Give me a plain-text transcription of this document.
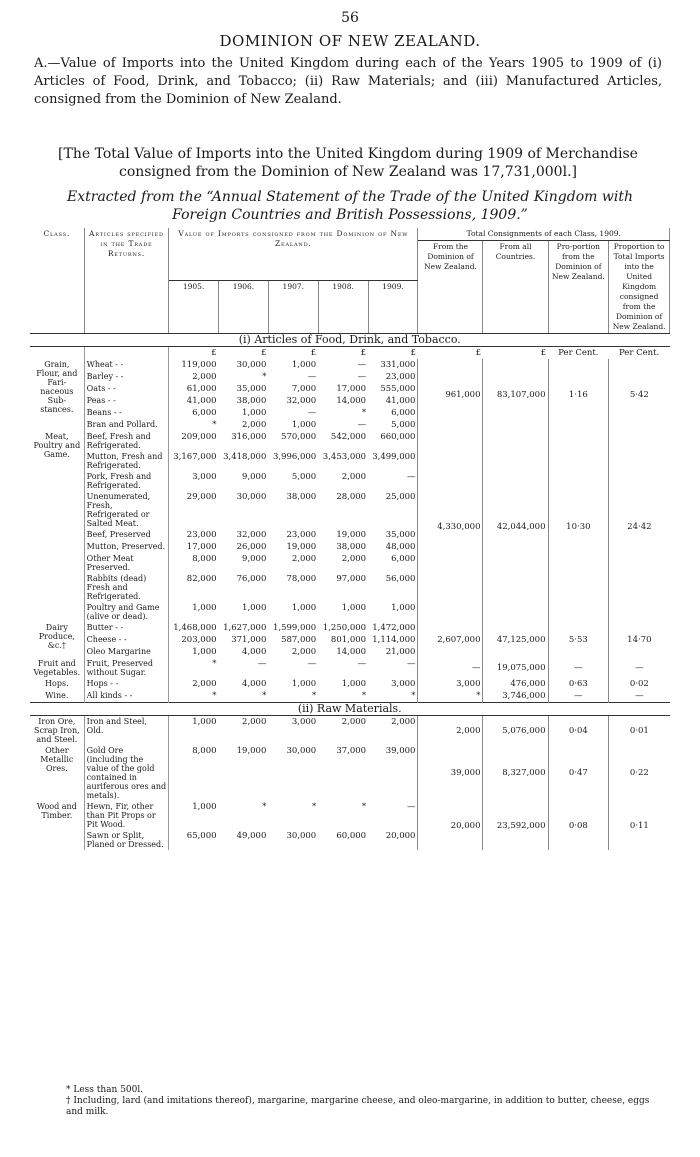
56
DOMINION OF NEW ZEALAND.
A.—Value of Imports into the United Kingdom during each of the Years 1905 to 1909 of (i) Articles of Food, Drink, and Tobacco; (ii) Raw Materials; and (iii) Manufactured Articles, consigned from the Dominion of New Zealand.
[The Total Value of Imports into the United Kingdom during 1909 of Merchandise consigned from the Dominion of New Zealand was 17,731,000l.]
Extracted from the “Annual Statement of the Trade of the United Kingdom with Foreign Countries and British Possessions, 1909.”
Class.	Articles specified in the Trade Returns.	Value of Imports consigned from the Dominion of New Zealand.					Total Consignments of each Class, 1909.			
							From the Dominion of New Zealand.	From all Countries.	Pro-portion from the Dominion of New Zealand.	Proportion to Total Imports into the United Kingdom consigned from the Dominion of New Zealand.
		1905.	1906.	1907.	1908.	1909.				
(i) Articles of Food, Drink, and Tobacco.										
		£	£	£	£	£	£	£	Per Cent.	Per Cent.
Grain, Flour, and Fari-naceous Sub-stances.	Wheat - -	119,000	30,000	1,000	—	331,000	961,000	83,107,000	1·16	5·42
	Barley - -	2,000	*	—	—	23,000				
	Oats - -	61,000	35,000	7,000	17,000	555,000				
	Peas - -	41,000	38,000	32,000	14,000	41,000				
	Beans - -	6,000	1,000	—	*	6,000				
	Bran and Pollard.	*	2,000	1,000	—	5,000				
Meat, Poultry and Game.	Beef, Fresh and Refrigerated.	209,000	316,000	570,000	542,000	660,000	4,330,000	42,044,000	10·30	24·42
	Mutton, Fresh and Refrigerated.	3,167,000	3,418,000	3,996,000	3,453,000	3,499,000				
	Pork, Fresh and Refrigerated.	3,000	9,000	5,000	2,000	—				
	Unenumerated, Fresh, Refrigerated or Salted Meat.	29,000	30,000	38,000	28,000	25,000				
	Beef, Preserved	23,000	32,000	23,000	19,000	35,000				
	Mutton, Preserved.	17,000	26,000	19,000	38,000	48,000				
	Other Meat Preserved.	8,000	9,000	2,000	2,000	6,000				
	Rabbits (dead) Fresh and Refrigerated.	82,000	76,000	78,000	97,000	56,000				
	Poultry and Game (alive or dead).	1,000	1,000	1,000	1,000	1,000				
Dairy Produce, &c.†	Butter - -	1,468,000	1,627,000	1,599,000	1,250,000	1,472,000	2,607,000	47,125,000	5·53	14·70
	Cheese - -	203,000	371,000	587,000	801,000	1,114,000				
	Oleo Margarine	1,000	4,000	2,000	14,000	21,000				
Fruit and Vegetables.	Fruit, Preserved without Sugar.	*	—	—	—	—	—	19,075,000	—	—
Hops.	Hops - -	2,000	4,000	1,000	1,000	3,000	3,000	476,000	0·63	0·02
Wine.	All kinds - -	*	*	*	*	*	*	3,746,000	—	—
(ii) Raw Materials.										
Iron Ore, Scrap Iron, and Steel.	Iron and Steel, Old.	1,000	2,000	3,000	2,000	2,000	2,000	5,076,000	0·04	0·01
Other Metallic Ores.	Gold Ore (including the value of the gold contained in auriferous ores and metals).	8,000	19,000	30,000	37,000	39,000	39,000	8,327,000	0·47	0·22
Wood and Timber.	Hewn, Fir, other than Pit Props or Pit Wood.	1,000	*	*	*	—	20,000	23,592,000	0·08	0·11
	Sawn or Split, Planed or Dressed.	65,000	49,000	30,000	60,000	20,000				
* Less than 500l.
† Including, lard (and imitations thereof), margarine, margarine cheese, and oleo-margarine, in addition to butter, cheese, eggs and milk.
